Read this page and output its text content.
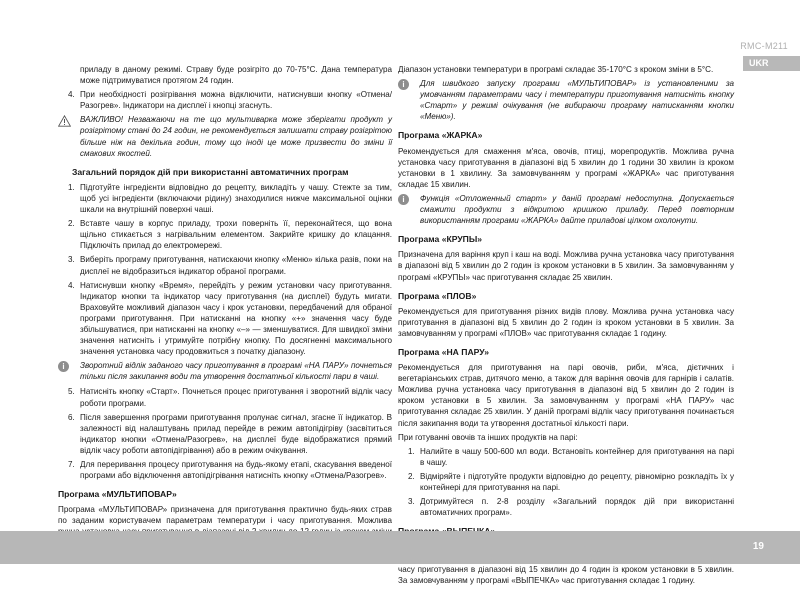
RMC-M211
UKR

приладу в даному режимі. Страву буде розігріто до 70-75°С. Дана температура може підтримуватися протягом 24 годин.

4. При необхідності розігрівання можна відключити, натиснувши кнопку «Отмена/Разогрев». Індикатори на дисплеї і кнопці згаснуть.
ВАЖЛИВО! Незважаючи на те що мультиварка може зберігати продукт у розігрітому стані до 24 годин, не рекомендується залишати страву розігрітою більше ніж на декілька годин, тому що іноді це може призвести до зміни її смакових якостей.
Загальний порядок дій при використанні автоматичних програм
1. Підготуйте інгредієнти відповідно до рецепту, викладіть у чашу. Стежте за тим, щоб усі інгредієнти (включаючи рідину) знаходилися нижче максимальної оцінки шкали на внутрішній поверхні чаші.
2. Вставте чашу в корпус приладу, трохи поверніть її, переконайтеся, що вона щільно стикається з нагрівальним елементом. Закрийте кришку до клацання. Підключіть прилад до електромережі.
3. Виберіть програму приготування, натискаючи кнопку «Меню» кілька разів, поки на дисплеї не відобразиться індикатор обраної програми.
4. Натиснувши кнопку «Время», перейдіть у режим установки часу приготування. Індикатор кнопки та індикатор часу приготування (на дисплеї) будуть мигати. Враховуйте можливий діапазон часу і крок установки, передбачений для обраної програми приготування. При натисканні на кнопку «+» значення часу буде збільшуватися, при натисканні на кнопку «–» — зменшуватися. Для швидкої зміни значення натисніть і утримуйте потрібну кнопку. По досягненні максимального значення установка часу продовжиться з початку діапазону.
i	Зворотний відлік заданого часу приготування в програмі «НА ПАРУ» почнеться тільки після закипання води та утворення достатньої кількості пари в чаші.
5. Натисніть кнопку «Старт». Почнеться процес приготування і зворотний відлік часу роботи програми.
6. Після завершення програми приготування пролунає сигнал, згасне її індикатор. В залежності від налаштувань прилад перейде в режим автопідігріву (засвітиться індикатор кнопки «Отмена/Разогрев», на дисплеї буде відображатися прямий відлік часу роботи автопідігрівання) або в режим очікування.
7. Для переривання процесу приготування на будь-якому етапі, скасування введеної програми або відключення автопідігрівання натисніть кнопку «Отмена/Разогрев».
Програма «МУЛЬТИПОВАР»

Програма «МУЛЬТИПОВАР» призначена для приготування практично будь-яких страв по заданим користувачем параметрам температури і часу приготування. Можлива

Діапазон установки температури в програмі складає 35-170°С з кроком зміни в 5°С.

i	Для швидкого запуску програми «МУЛЬТИПОВАР» із установленими за умовчанням параметрами часу і температури приготування натисніть кнопку «Старт» у режимі очікування (не вибираючи програму натисканням кнопки «Меню»).
Програма «ЖАРКА»

Рекомендується для смаження м'яса, овочів, птиці, морепродуктів. Можлива ручна установка часу приготування в діапазоні від 5 хвилин до 1 години 30 хвилин із кроком установки в 1 хвилину. За замовчуванням у програмі «ЖАРКА» час приготування складає 15 хвилин.

i	Функція «Отложенный старт» у даній програмі недоступна. Допускається смажити продукти з відкритою кришкою приладу. Перед повторним використанням програми «ЖАРКА» дайте приладові цілком охолонути.
Програма «КРУПЫ»

Призначена для варіння круп і каш на воді. Можлива ручна установка часу приготування в діапазоні від 5 хвилин до 2 годин із кроком установки в 5 хвилин. За замовчуванням у програмі «КРУПЫ» час приготування складає 25 хвилин.

Програма «ПЛОВ»

Рекомендується для приготування різних видів плову. Можлива ручна установка часу приготування в діапазоні від 5 хвилин до 2 годин із кроком установки в 5 хвилин. За замовчуванням у програмі «ПЛОВ» час приготування складає 1 годину.

Програма «НА ПАРУ»

Рекомендується для приготування на парі овочів, риби, м'яса, дієтичних і вегетаріанських страв, дитячого меню, а також для варіння овочів для гарнірів і салатів. Можлива ручна установка часу приготування в діапазоні від 5 хвилин до 2 годин із кроком установки в 5 хвилин. За замовчуванням у програмі «НА ПАРУ» час приготування складає 25 хвилин. У даній програмі відлік часу приготування починається після закипання води та утворення достатньої кількості пари.

При готуванні овочів та інших продуктів на парі:

1. Налийте в чашу 500-600 мл води. Встановіть контейнер для приготування на парі в чашу.
2. Відміряйте і підготуйте продукти відповідно до рецепту, рівномірно розкладіть їх у контейнері для приготування на парі.
3. Дотримуйтеся п. 2-8 розділу «Загальний порядок дій при використанні автоматичних програм».

часу приготування в діапазоні від 15 хвилин до 4 годин із кроком установки в 5 хвилин. За замовчуванням у програмі «ВЫПЕЧКА» час приготування складає 1 годину.

19
